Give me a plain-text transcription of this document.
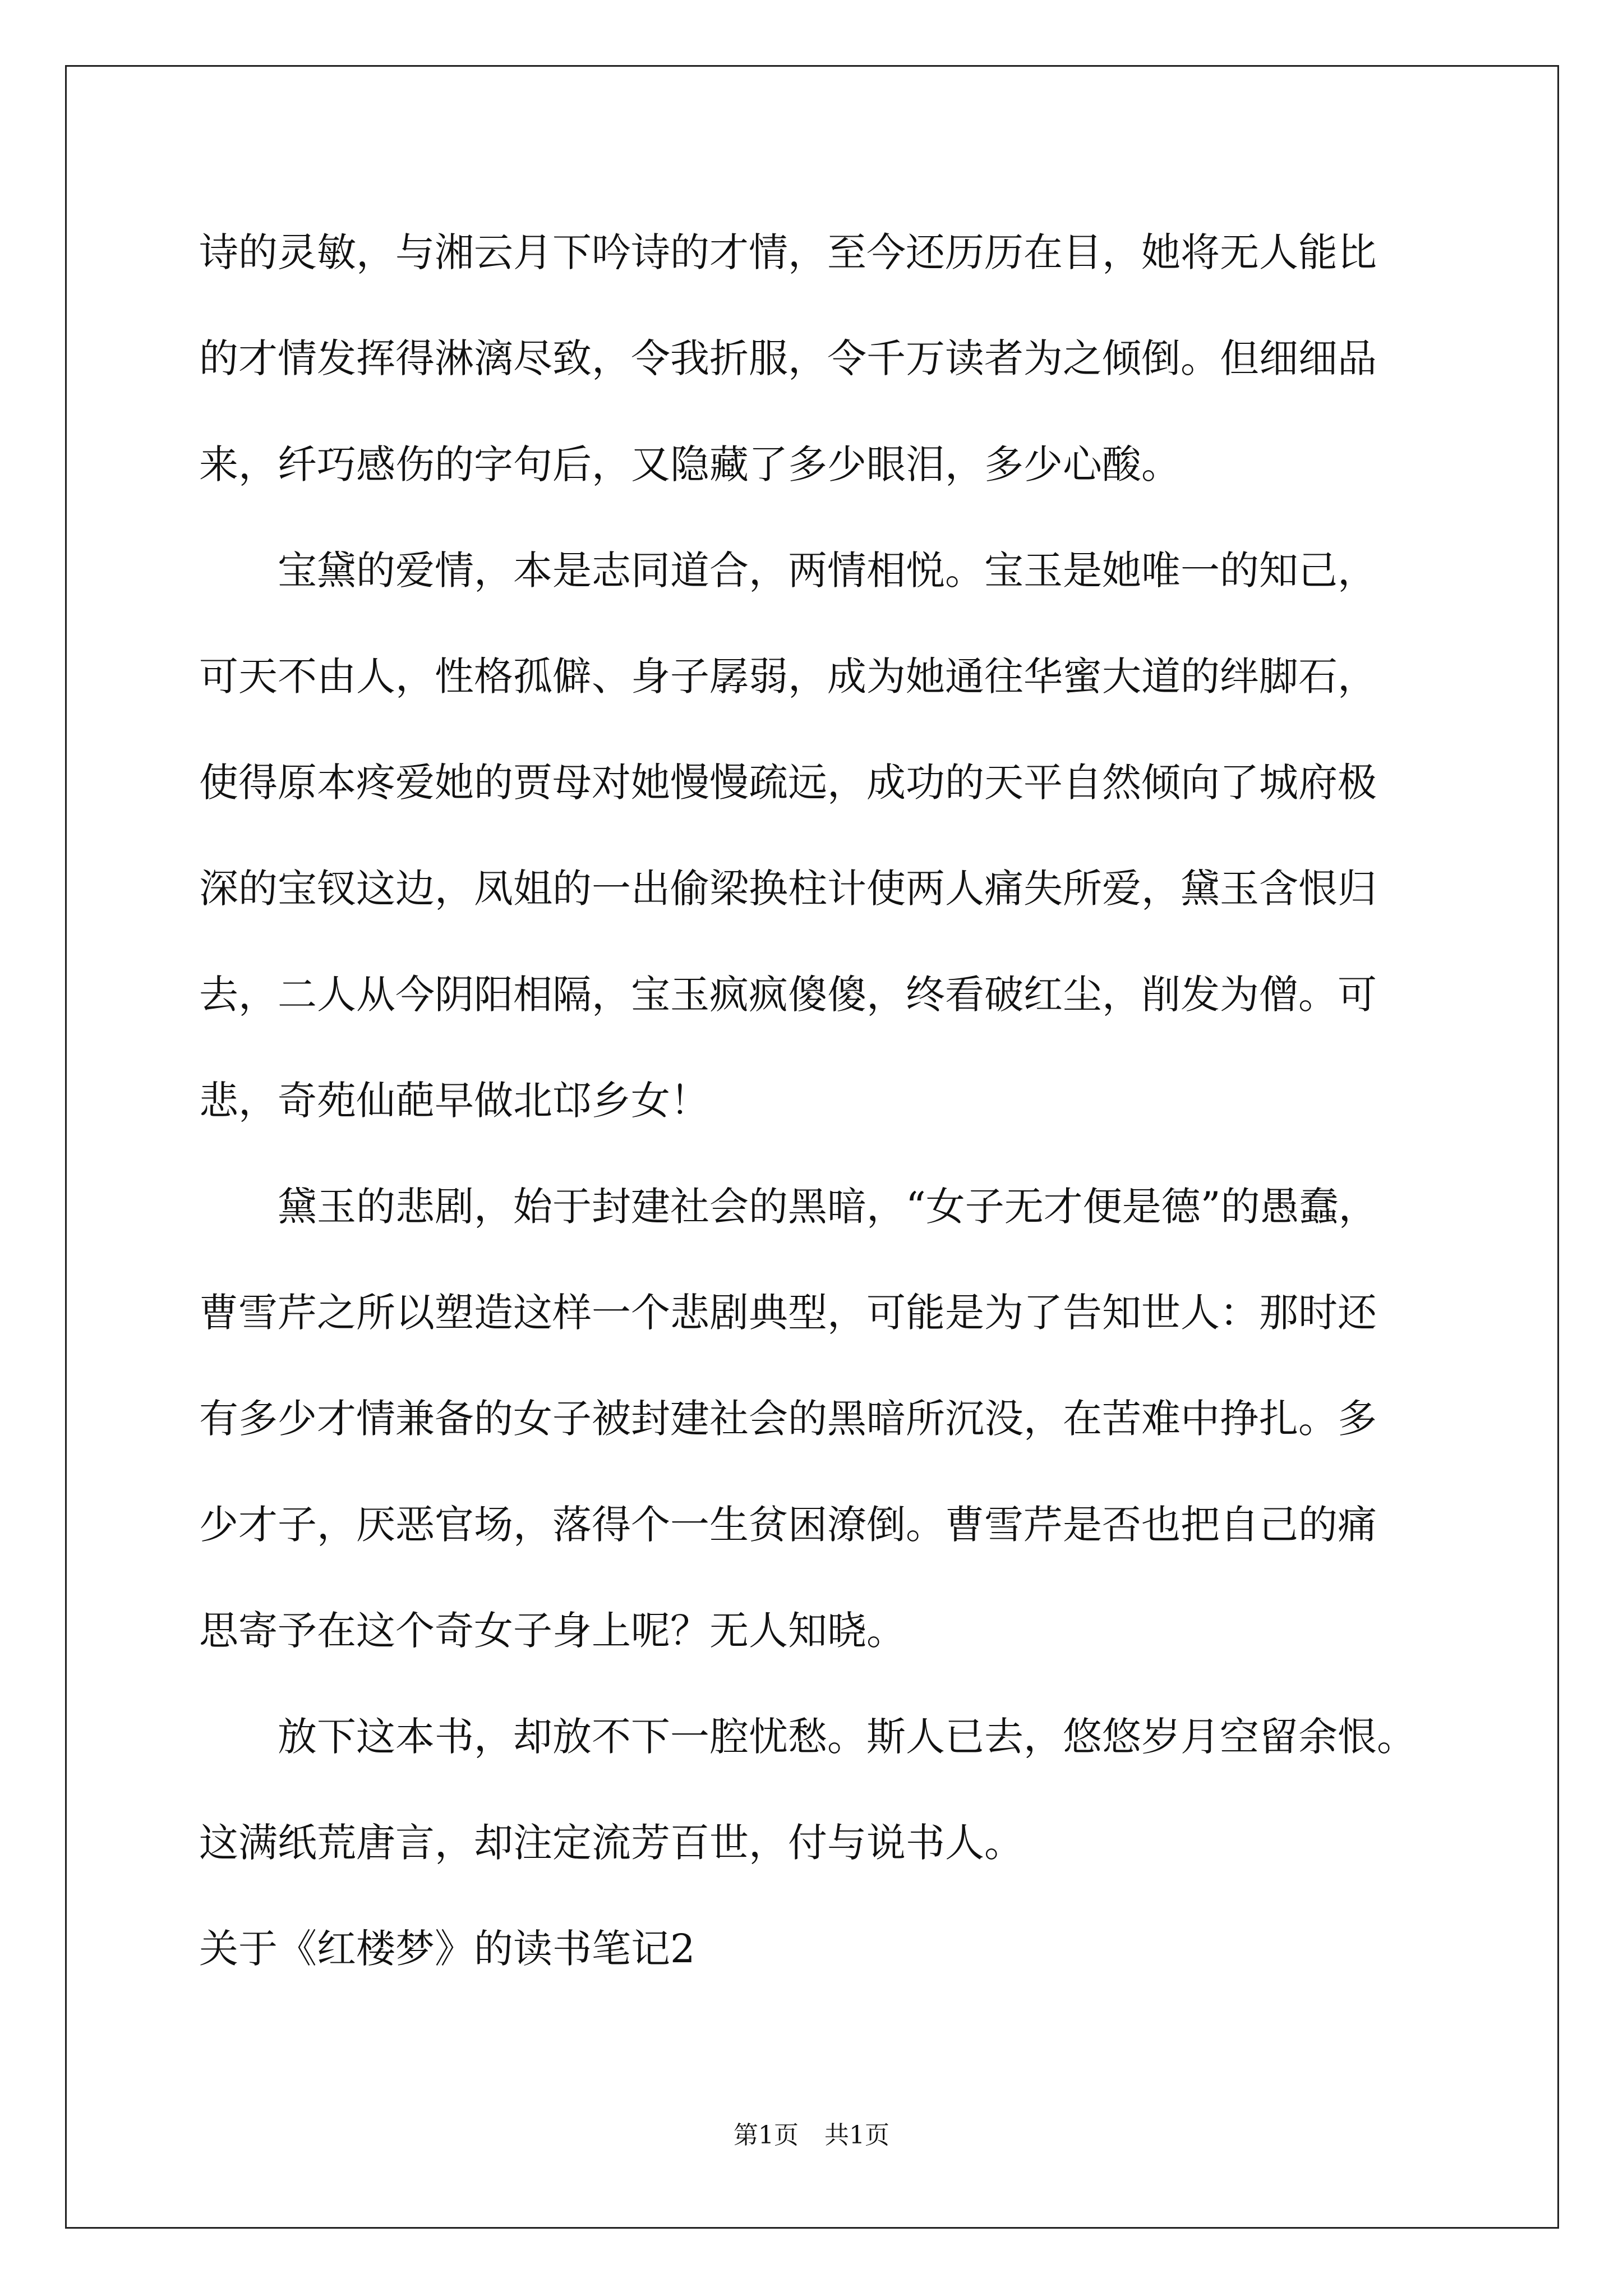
诗的灵敏，与湘云月下吟诗的才情，至今还历历在目，她将无人能比
的才情发挥得淋漓尽致，令我折服，令千万读者为之倾倒。但细细品
来，纤巧感伤的字句后，又隐藏了多少眼泪，多少心酸。
　　宝黛的爱情，本是志同道合，两情相悦。宝玉是她唯一的知己，
可天不由人，性格孤僻、身子孱弱，成为她通往华蜜大道的绊脚石，
使得原本疼爱她的贾母对她慢慢疏远，成功的天平自然倾向了城府极
深的宝钗这边，凤姐的一出偷梁换柱计使两人痛失所爱，黛玉含恨归
去，二人从今阴阳相隔，宝玉疯疯傻傻，终看破红尘，削发为僧。可
悲，奇苑仙葩早做北邙乡女！
　　黛玉的悲剧，始于封建社会的黑暗，“女子无才便是德”的愚蠢，
曹雪芹之所以塑造这样一个悲剧典型，可能是为了告知世人：那时还
有多少才情兼备的女子被封建社会的黑暗所沉没，在苦难中挣扎。多
少才子，厌恶官场，落得个一生贫困潦倒。曹雪芹是否也把自己的痛
思寄予在这个奇女子身上呢？无人知晓。
　　放下这本书，却放不下一腔忧愁。斯人已去，悠悠岁月空留余恨。
这满纸荒唐言，却注定流芳百世，付与说书人。
关于《红楼梦》的读书笔记2
第1页 共1页
